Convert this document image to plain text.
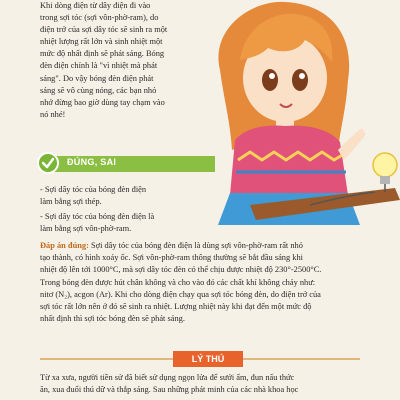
Khi dòng điện từ dây điện đi vào
trong sợi tóc (sợi vôn-phờ-ram), do
điện trở của sợi dây tóc sẽ sinh ra một
nhiệt lượng rất lớn và sinh nhiệt một
mức độ nhất định sẽ phát sáng. Bóng
đèn điện chính là "vì nhiệt mà phát
sáng". Do vậy bóng đèn điện phát
sáng sẽ vô cùng nóng, các bạn nhỏ
nhớ đừng bao giờ dùng tay chạm vào
nó nhé!
ĐÚNG, SAI
- Sợi dây tóc của bóng đèn điện
làm bằng sợi thép.
- Sợi dây tóc của bóng đèn điện là
làm bằng sợi vôn-phờ-ram.
Đáp án đúng: Sợi dây tóc của bóng đèn điện là dùng sợi vôn-phờ-ram rất nhỏ
tạo thành, có hình xoáy ốc. Sợi vôn-phờ-ram thông thường sẽ bắt đầu sáng khi
nhiệt độ lên tới 1000°C, mà sợi dây tóc đèn có thể chịu được nhiệt độ 230°-2500°C.
Trong bóng đèn được hút chân không và cho vào đó các chất khí không cháy như:
nitơ (N₂), acgon (Ar). Khi cho dòng điện chạy qua sợi tóc bóng đèn, do điện trở của
sợi tóc rất lớn nên ở đó sẽ sinh ra nhiệt. Lượng nhiệt này khi đạt đến một mức độ
nhất định thì sợi tóc bóng đèn sẽ phát sáng.
LÝ THÚ
Từ xa xưa, người tiền sử đã biết sử dụng ngọn lửa để sưởi ấm, đun nấu thức
ăn, xua đuổi thú dữ và thắp sáng. Sau những phát minh của các nhà khoa học
